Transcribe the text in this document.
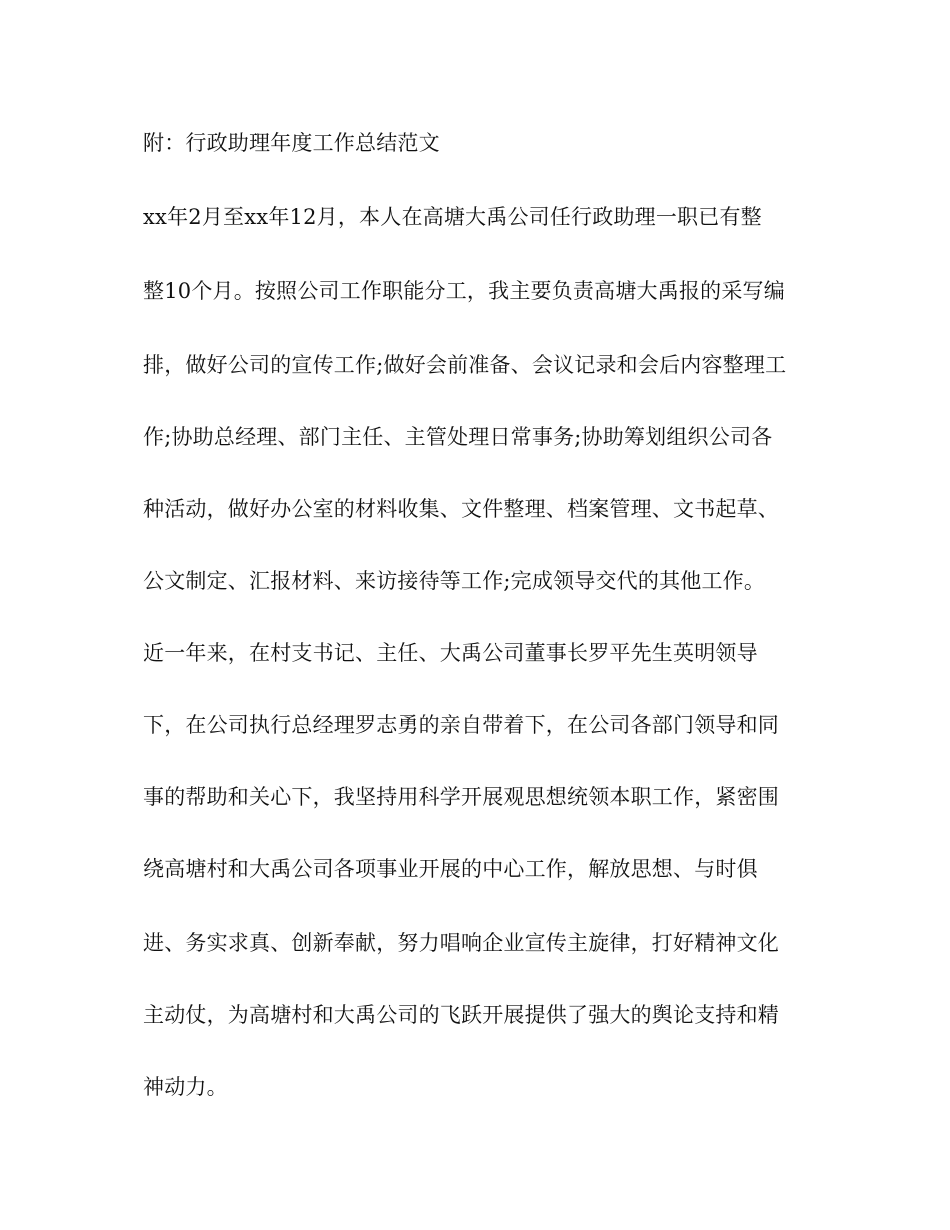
附：行政助理年度工作总结范文
xx年2月至xx年12月，本人在高塘大禹公司任行政助理一职已有整
整10个月。按照公司工作职能分工，我主要负责高塘大禹报的采写编
排，做好公司的宣传工作;做好会前准备、会议记录和会后内容整理工
作;协助总经理、部门主任、主管处理日常事务;协助筹划组织公司各
种活动，做好办公室的材料收集、文件整理、档案管理、文书起草、
公文制定、汇报材料、来访接待等工作;完成领导交代的其他工作。
近一年来，在村支书记、主任、大禹公司董事长罗平先生英明领导
下，在公司执行总经理罗志勇的亲自带着下，在公司各部门领导和同
事的帮助和关心下，我坚持用科学开展观思想统领本职工作，紧密围
绕高塘村和大禹公司各项事业开展的中心工作，解放思想、与时俱
进、务实求真、创新奉献，努力唱响企业宣传主旋律，打好精神文化
主动仗，为高塘村和大禹公司的飞跃开展提供了强大的舆论支持和精
神动力。
